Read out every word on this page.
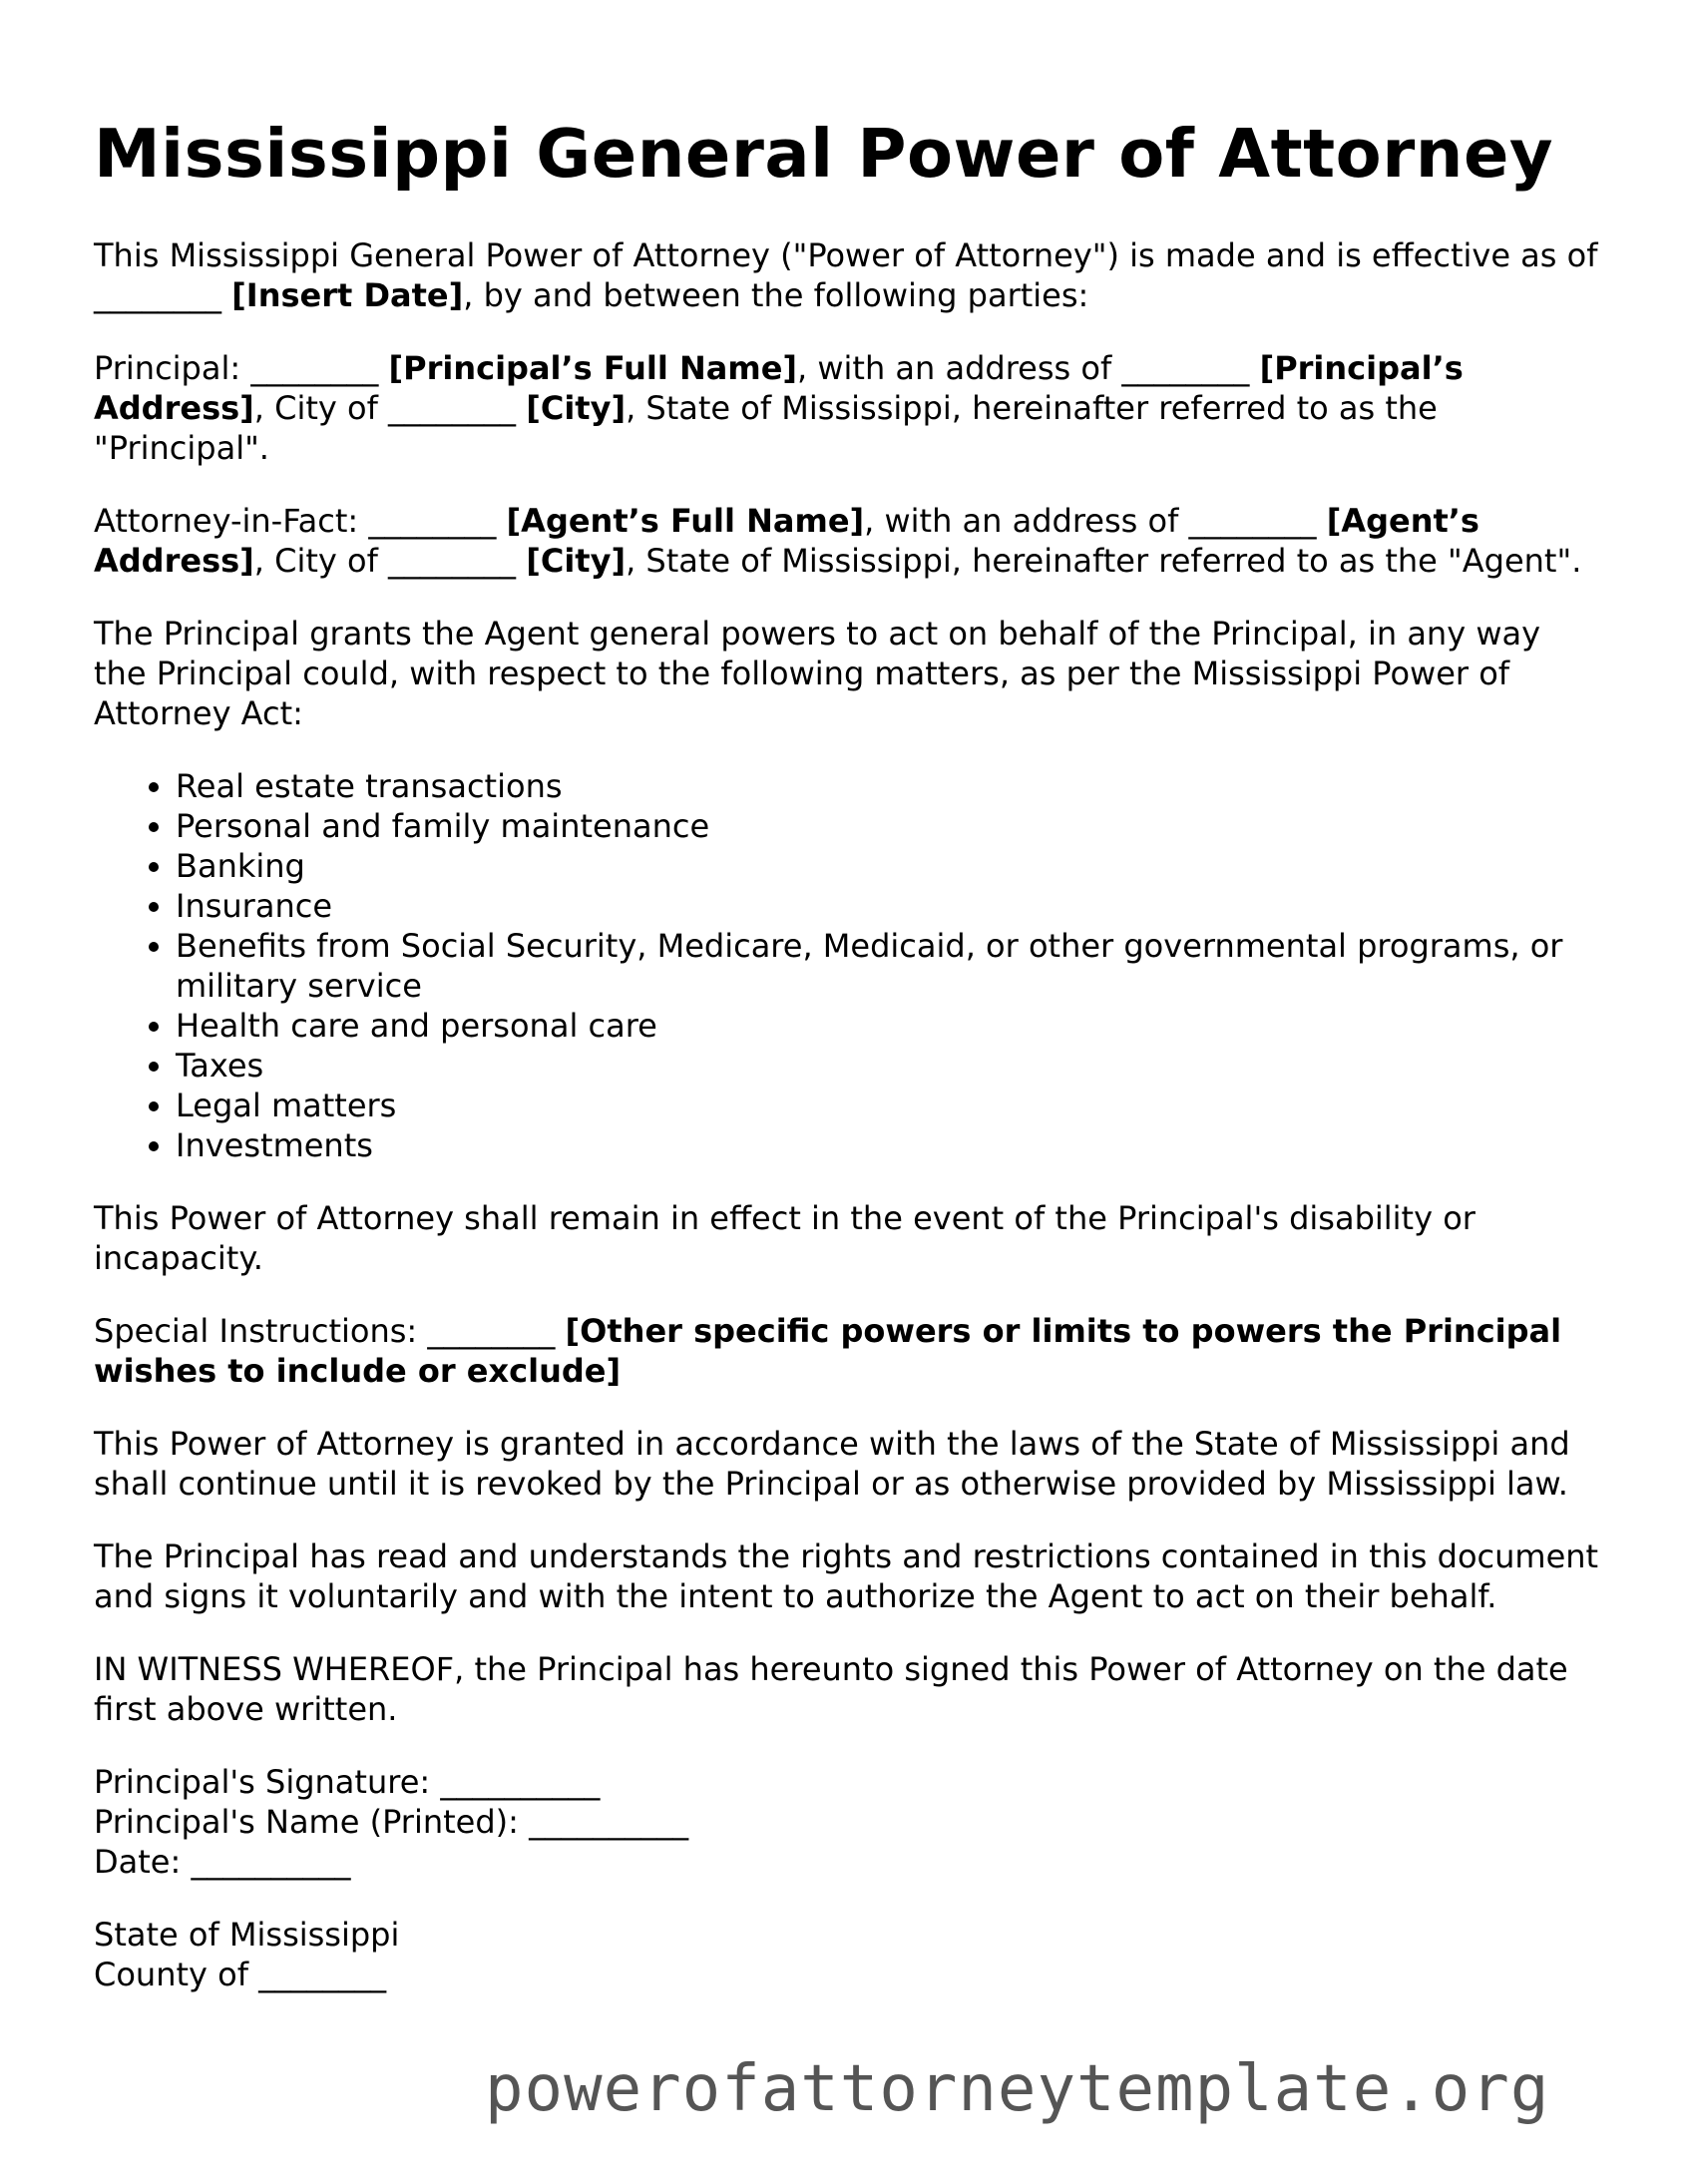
Mississippi General Power of Attorney

This Mississippi General Power of Attorney ("Power of Attorney") is made and is effective as of ________ [Insert Date], by and between the following parties:

Principal: ________ [Principal’s Full Name], with an address of ________ [Principal’s Address], City of ________ [City], State of Mississippi, hereinafter referred to as the "Principal".

Attorney-in-Fact: ________ [Agent’s Full Name], with an address of ________ [Agent’s Address], City of ________ [City], State of Mississippi, hereinafter referred to as the "Agent".

The Principal grants the Agent general powers to act on behalf of the Principal, in any way the Principal could, with respect to the following matters, as per the Mississippi Power of Attorney Act:

• Real estate transactions
• Personal and family maintenance
• Banking
• Insurance
• Benefits from Social Security, Medicare, Medicaid, or other governmental programs, or military service
• Health care and personal care
• Taxes
• Legal matters
• Investments

This Power of Attorney shall remain in effect in the event of the Principal's disability or incapacity.

Special Instructions: ________ [Other specific powers or limits to powers the Principal wishes to include or exclude]

This Power of Attorney is granted in accordance with the laws of the State of Mississippi and shall continue until it is revoked by the Principal or as otherwise provided by Mississippi law.

The Principal has read and understands the rights and restrictions contained in this document and signs it voluntarily and with the intent to authorize the Agent to act on their behalf.

IN WITNESS WHEREOF, the Principal has hereunto signed this Power of Attorney on the date first above written.

Principal's Signature: __________

Principal's Name (Printed): __________

Date: __________

State of Mississippi

County of ________

powerofattorneytemplate.org
